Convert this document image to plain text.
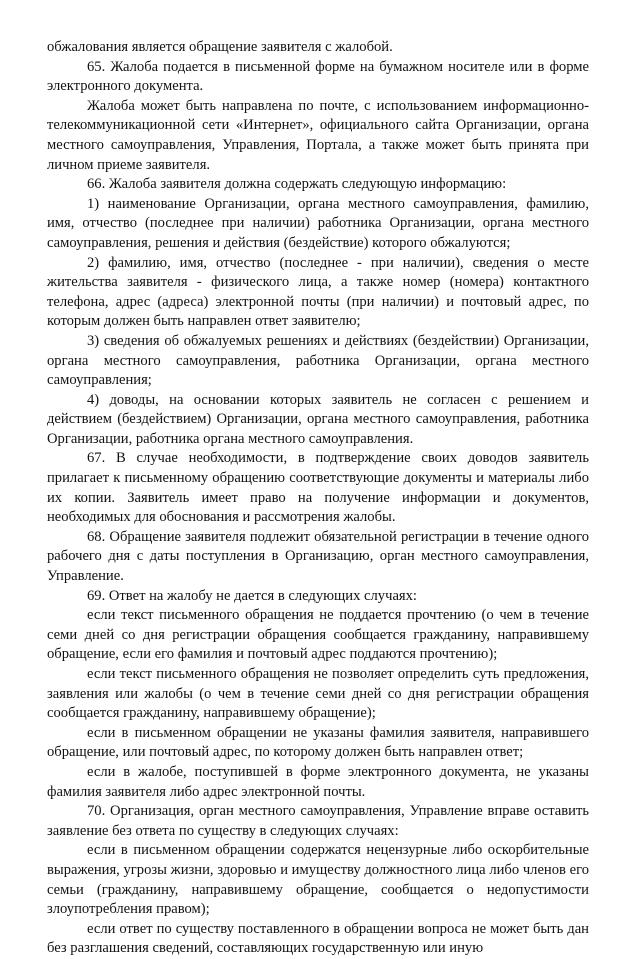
обжалования является обращение заявителя с жалобой.

65. Жалоба подается в письменной форме на бумажном носителе или в форме электронного документа.

Жалоба может быть направлена по почте, с использованием информационно-телекоммуникационной сети «Интернет», официального сайта Организации, органа местного самоуправления, Управления, Портала, а также может быть принята при личном приеме заявителя.

66. Жалоба заявителя должна содержать следующую информацию:

1) наименование Организации, органа местного самоуправления, фамилию, имя, отчество (последнее при наличии) работника Организации, органа местного самоуправления, решения и действия (бездействие) которого обжалуются;

2) фамилию, имя, отчество (последнее - при наличии), сведения о месте жительства заявителя - физического лица, а также номер (номера) контактного телефона, адрес (адреса) электронной почты (при наличии) и почтовый адрес, по которым должен быть направлен ответ заявителю;

3) сведения об обжалуемых решениях и действиях (бездействии) Организации, органа местного самоуправления, работника Организации, органа местного самоуправления;

4) доводы, на основании которых заявитель не согласен с решением и действием (бездействием) Организации, органа местного самоуправления, работника Организации, работника органа местного самоуправления.

67. В случае необходимости, в подтверждение своих доводов заявитель прилагает к письменному обращению соответствующие документы и материалы либо их копии. Заявитель имеет право на получение информации и документов, необходимых для обоснования и рассмотрения жалобы.

68. Обращение заявителя подлежит обязательной регистрации в течение одного рабочего дня с даты поступления в Организацию, орган местного самоуправления, Управление.

69. Ответ на жалобу не дается в следующих случаях:

если текст письменного обращения не поддается прочтению (о чем в течение семи дней со дня регистрации обращения сообщается гражданину, направившему обращение, если его фамилия и почтовый адрес поддаются прочтению);

если текст письменного обращения не позволяет определить суть предложения, заявления или жалобы (о чем в течение семи дней со дня регистрации обращения сообщается гражданину, направившему обращение);

если в письменном обращении не указаны фамилия заявителя, направившего обращение, или почтовый адрес, по которому должен быть направлен ответ;

если в жалобе, поступившей в форме электронного документа, не указаны фамилия заявителя либо адрес электронной почты.

70. Организация, орган местного самоуправления, Управление вправе оставить заявление без ответа по существу в следующих случаях:

если в письменном обращении содержатся нецензурные либо оскорбительные выражения, угрозы жизни, здоровью и имуществу должностного лица либо членов его семьи (гражданину, направившему обращение, сообщается о недопустимости злоупотребления правом);

если ответ по существу поставленного в обращении вопроса не может быть дан без разглашения сведений, составляющих государственную или иную
